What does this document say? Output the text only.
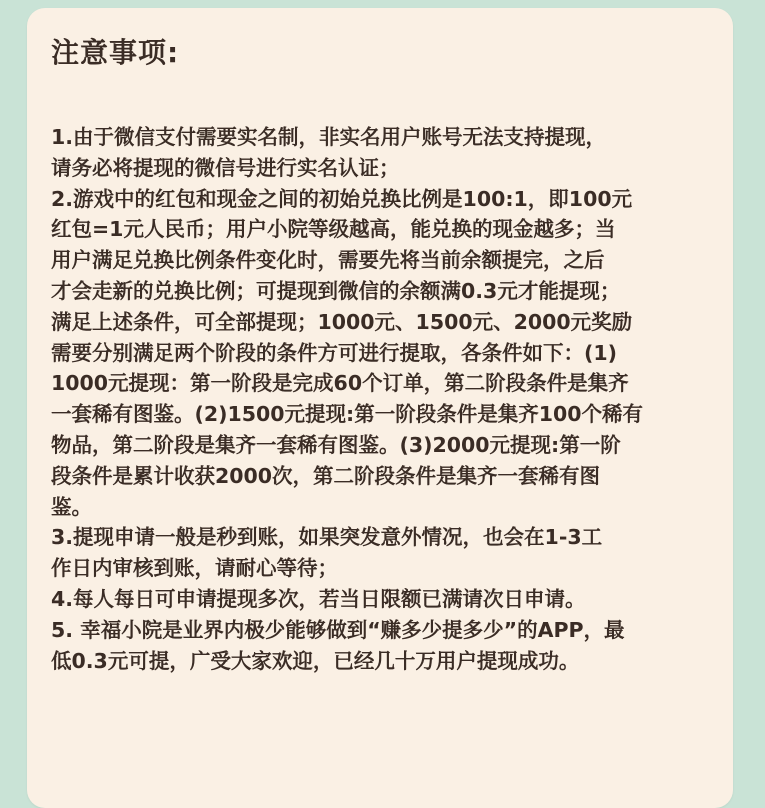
注意事项:

1.由于微信支付需要实名制，非实名用户账号无法支持提现，
请务必将提现的微信号进行实名认证；

2.游戏中的红包和现金之间的初始兑换比例是100:1，即100元
红包=1元人民币；用户小院等级越高，能兑换的现金越多；当
用户满足兑换比例条件变化时，需要先将当前余额提完，之后
才会走新的兑换比例；可提现到微信的余额满0.3元才能提现；
满足上述条件，可全部提现；1000元、1500元、2000元奖励
需要分别满足两个阶段的条件方可进行提取，各条件如下：(1)
1000元提现：第一阶段是完成60个订单，第二阶段条件是集齐
一套稀有图鉴。(2)1500元提现:第一阶段条件是集齐100个稀有
物品，第二阶段是集齐一套稀有图鉴。(3)2000元提现:第一阶
段条件是累计收获2000次，第二阶段条件是集齐一套稀有图
鉴。

3.提现申请一般是秒到账，如果突发意外情况，也会在1-3工
作日内审核到账，请耐心等待；

4.每人每日可申请提现多次，若当日限额已满请次日申请。

5. 幸福小院是业界内极少能够做到“赚多少提多少”的APP，最
低0.3元可提，广受大家欢迎，已经几十万用户提现成功。
